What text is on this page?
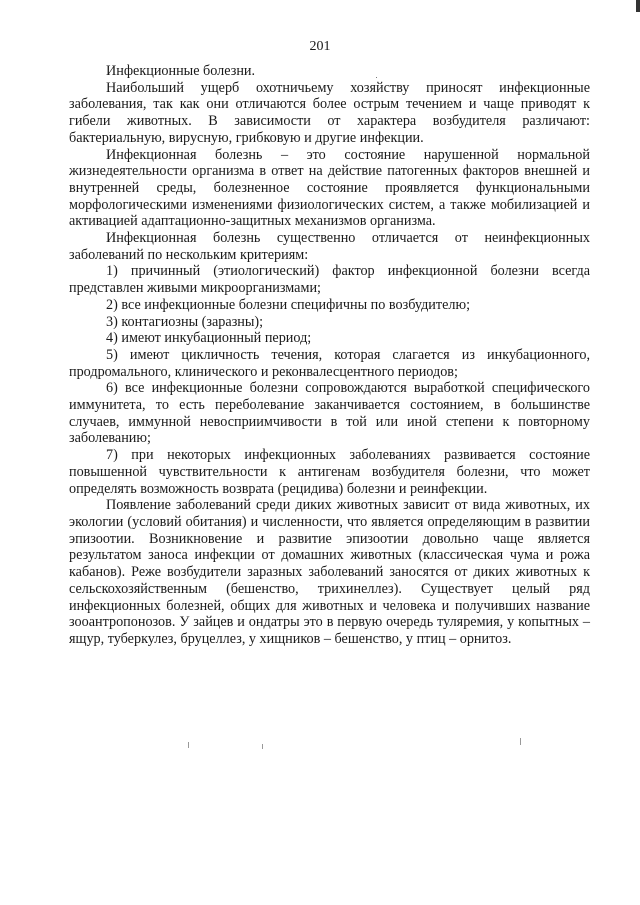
201

Инфекционные болезни.

Наибольший ущерб охотничьему хозяйству приносят инфекционные заболевания, так как они отличаются более острым течением и чаще приводят к гибели животных. В зависимости от характера возбудителя различают: бактериальную, вирусную, грибковую и другие инфекции.

Инфекционная болезнь – это состояние нарушенной нормальной жизнедеятельности организма в ответ на действие патогенных факторов внешней и внутренней среды, болезненное состояние проявляется функциональными морфологическими изменениями физиологических систем, а также мобилизацией и активацией адаптационно-защитных механизмов организма.

Инфекционная болезнь существенно отличается от неинфекционных заболеваний по нескольким критериям:

1) причинный (этиологический) фактор инфекционной болезни всегда представлен живыми микроорганизмами;

2) все инфекционные болезни специфичны по возбудителю;

3) контагиозны (заразны);

4) имеют инкубационный период;

5) имеют цикличность течения, которая слагается из инкубационного, продромального, клинического и реконвалесцентного периодов;

6) все инфекционные болезни сопровождаются выработкой специфического иммунитета, то есть переболевание заканчивается состоянием, в большинстве случаев, иммунной невосприимчивости в той или иной степени к повторному заболеванию;

7) при некоторых инфекционных заболеваниях развивается состояние повышенной чувствительности к антигенам возбудителя болезни, что может определять возможность возврата (рецидива) болезни и реинфекции.

Появление заболеваний среди диких животных зависит от вида животных, их экологии (условий обитания) и численности, что является определяющим в развитии эпизоотии. Возникновение и развитие эпизоотии довольно чаще является результатом заноса инфекции от домашних животных (классическая чума и рожа кабанов). Реже возбудители заразных заболеваний заносятся от диких животных к сельскохозяйственным (бешенство, трихинеллез). Существует целый ряд инфекционных болезней, общих для животных и человека и получивших название зооантропонозов. У зайцев и ондатры это в первую очередь туляремия, у копытных – ящур, туберкулез, бруцеллез, у хищников – бешенство, у птиц – орнитоз.
